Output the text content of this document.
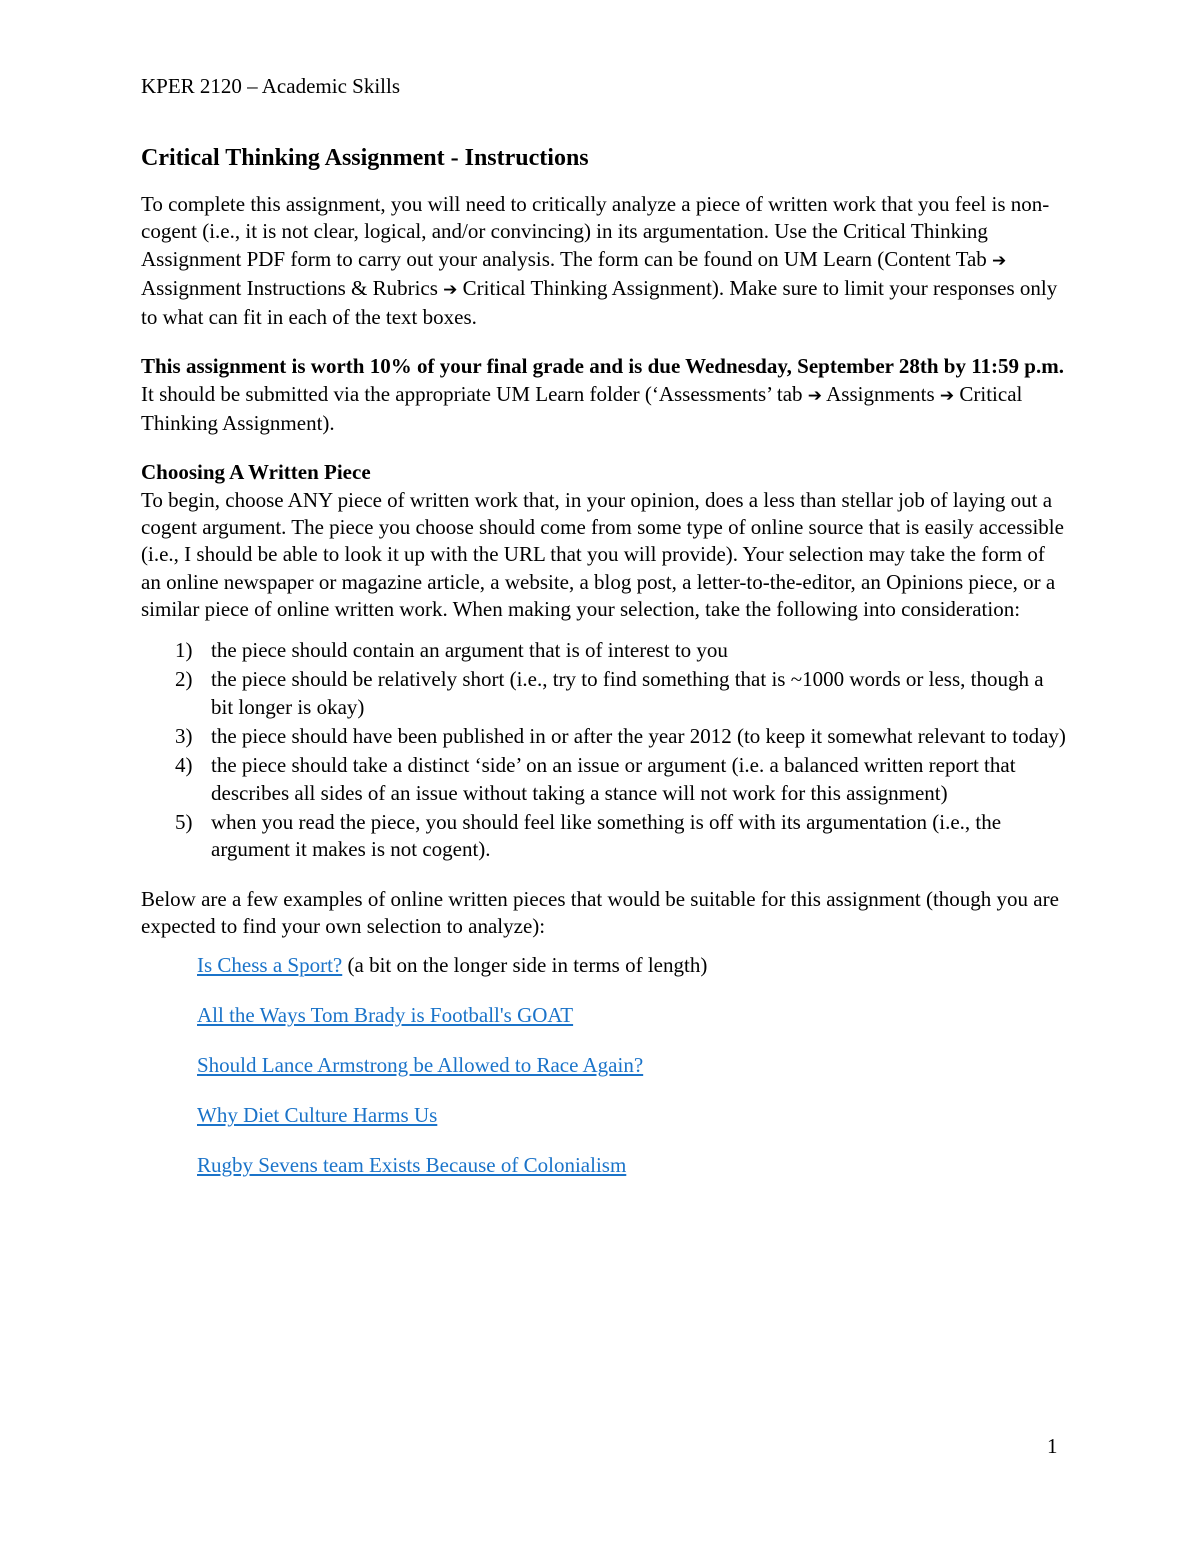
KPER 2120 – Academic Skills
Critical Thinking Assignment - Instructions

To complete this assignment, you will need to critically analyze a piece of written work that you feel is non-cogent (i.e., it is not clear, logical, and/or convincing) in its argumentation. Use the Critical Thinking Assignment PDF form to carry out your analysis. The form can be found on UM Learn (Content Tab ➔ Assignment Instructions & Rubrics ➔ Critical Thinking Assignment). Make sure to limit your responses only to what can fit in each of the text boxes.

This assignment is worth 10% of your final grade and is due Wednesday, September 28th by 11:59 p.m. It should be submitted via the appropriate UM Learn folder (‘Assessments’ tab ➔ Assignments ➔ Critical Thinking Assignment).

Choosing A Written Piece
To begin, choose ANY piece of written work that, in your opinion, does a less than stellar job of laying out a cogent argument. The piece you choose should come from some type of online source that is easily accessible (i.e., I should be able to look it up with the URL that you will provide). Your selection may take the form of an online newspaper or magazine article, a website, a blog post, a letter-to-the-editor, an Opinions piece, or a similar piece of online written work. When making your selection, take the following into consideration:

1) the piece should contain an argument that is of interest to you
2) the piece should be relatively short (i.e., try to find something that is ~1000 words or less, though a bit longer is okay)
3) the piece should have been published in or after the year 2012 (to keep it somewhat relevant to today)
4) the piece should take a distinct ‘side’ on an issue or argument (i.e. a balanced written report that describes all sides of an issue without taking a stance will not work for this assignment)
5) when you read the piece, you should feel like something is off with its argumentation (i.e., the argument it makes is not cogent).

Below are a few examples of online written pieces that would be suitable for this assignment (though you are expected to find your own selection to analyze):

Is Chess a Sport? (a bit on the longer side in terms of length)
All the Ways Tom Brady is Football's GOAT
Should Lance Armstrong be Allowed to Race Again?
Why Diet Culture Harms Us
Rugby Sevens team Exists Because of Colonialism
1
